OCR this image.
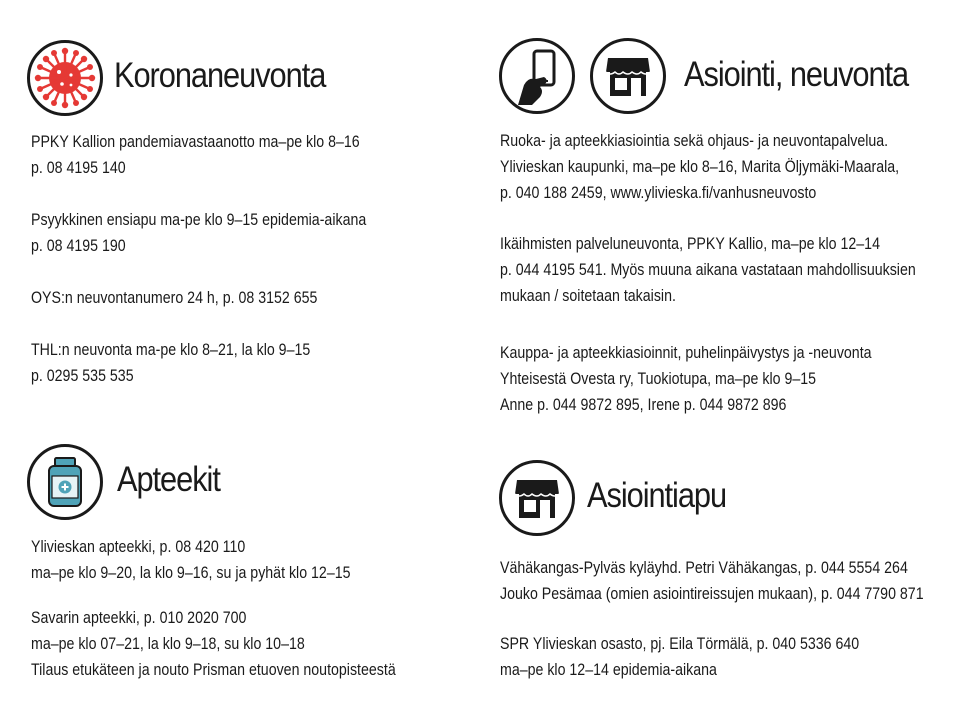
Koronaneuvonta
PPKY Kallion pandemiavastaanotto ma–pe klo 8–16
p. 08 4195 140
Psyykkinen ensiapu ma-pe klo 9–15 epidemia-aikana
p. 08 4195 190
OYS:n neuvontanumero 24 h, p. 08 3152 655
THL:n neuvonta ma-pe klo 8–21, la klo 9–15
p. 0295 535 535
Apteekit
Ylivieskan apteekki, p. 08 420 110
ma–pe klo 9–20, la klo 9–16, su ja pyhät klo 12–15
Savarin apteekki, p. 010 2020 700
ma–pe klo 07–21, la klo 9–18, su klo 10–18
Tilaus etukäteen ja nouto Prisman etuoven noutopisteestä
Asiointi, neuvonta
Ruoka- ja apteekkiasiointia sekä ohjaus- ja neuvontapalvelua.
Ylivieskan kaupunki, ma–pe klo 8–16, Marita Öljymäki-Maarala,
p. 040 188 2459, www.ylivieska.fi/vanhusneuvosto
Ikäihmisten palveluneuvonta, PPKY Kallio, ma–pe klo 12–14
p. 044 4195 541. Myös muuna aikana vastataan mahdollisuuksien
mukaan / soitetaan takaisin.
Kauppa- ja apteekkiasioinnit, puhelinpäivystys ja -neuvonta
Yhteisestä Ovesta ry, Tuokiotupa, ma–pe klo 9–15
Anne p. 044 9872 895, Irene p. 044 9872 896
Asiointiapu
Vähäkangas-Pylväs kyläyhd. Petri Vähäkangas, p. 044 5554 264
Jouko Pesämaa (omien asiointireissujen mukaan), p. 044 7790 871
SPR Ylivieskan osasto, pj. Eila Törmälä, p. 040 5336 640
ma–pe klo 12–14 epidemia-aikana
